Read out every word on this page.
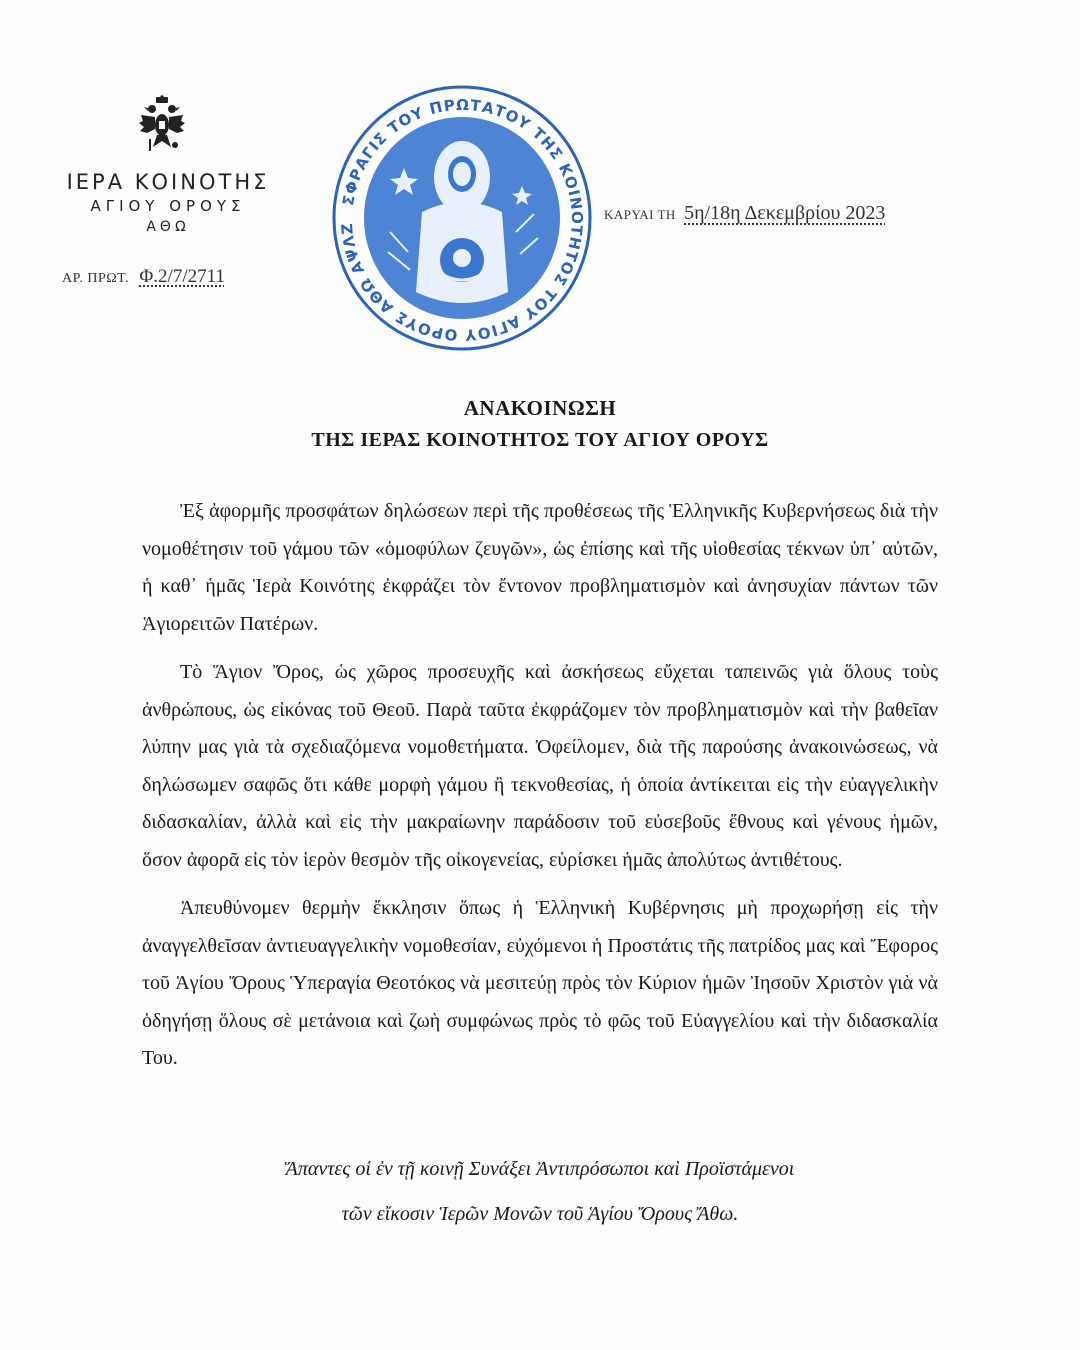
ΙΕΡΑ ΚΟΙΝΟΤΗΣ
ΑΓΙΟΥ ΟΡΟΥΣ
ΑΘΩ
ΑΡ. ΠΡΩΤ. Φ.2/7/2711
ΣΦΡΑΓΙΣ ΤΟΥ ΠΡΩΤΑΤΟΥ ΤΗΣ ΚΟΙΝΟΤΗΤΟΣ ΤΟΥ ΑΓΙΟΥ ΟΡΟΥΣ ΑΘΩ ΑΨΛΖ
ΚΑΡΥΑΙ ΤΗ 5η/18η Δεκεμβρίου 2023
ΑΝΑΚΟΙΝΩΣΗ
ΤΗΣ ΙΕΡΑΣ ΚΟΙΝΟΤΗΤΟΣ ΤΟΥ ΑΓΙΟΥ ΟΡΟΥΣ

Ἐξ ἀφορμῆς προσφάτων δηλώσεων περὶ τῆς προθέσεως τῆς Ἑλληνικῆς Κυβερνήσεως διὰ τὴν νομοθέτησιν τοῦ γάμου τῶν «ὁμοφύλων ζευγῶν», ὡς ἐπίσης καὶ τῆς υἱοθεσίας τέκνων ὑπ᾽ αὐτῶν, ἡ καθ᾽ ἡμᾶς Ἱερὰ Κοινότης ἐκφράζει τὸν ἔντονον προβληματισμὸν καὶ ἀνησυχίαν πάντων τῶν Ἁγιορειτῶν Πατέρων.

Τὸ Ἅγιον Ὄρος, ὡς χῶρος προσευχῆς καὶ ἀσκήσεως εὔχεται ταπεινῶς γιὰ ὅλους τοὺς ἀνθρώπους, ὡς εἰκόνας τοῦ Θεοῦ. Παρὰ ταῦτα ἐκφράζομεν τὸν προβληματισμὸν καὶ τὴν βαθεῖαν λύπην μας γιὰ τὰ σχεδιαζόμενα νομοθετήματα. Ὀφείλομεν, διὰ τῆς παρούσης ἀνακοινώσεως, νὰ δηλώσωμεν σαφῶς ὅτι κάθε μορφὴ γάμου ἢ τεκνοθεσίας, ἡ ὁποία ἀντίκειται εἰς τὴν εὐαγγελικὴν διδασκαλίαν, ἀλλὰ καὶ εἰς τὴν μακραίωνην παράδοσιν τοῦ εὐσεβοῦς ἔθνους καὶ γένους ἡμῶν, ὅσον ἀφορᾶ εἰς τὸν ἱερὸν θεσμὸν τῆς οἰκογενείας, εὑρίσκει ἡμᾶς ἀπολύτως ἀντιθέτους.

Ἀπευθύνομεν θερμὴν ἔκκλησιν ὅπως ἡ Ἑλληνικὴ Κυβέρνησις μὴ προχωρήσῃ εἰς τὴν ἀναγγελθεῖσαν ἀντιευαγγελικὴν νομοθεσίαν, εὐχόμενοι ἡ Προστάτις τῆς πατρίδος μας καὶ Ἔφορος τοῦ Ἁγίου Ὄρους Ὑπεραγία Θεοτόκος νὰ μεσιτεύῃ πρὸς τὸν Κύριον ἡμῶν Ἰησοῦν Χριστὸν γιὰ νὰ ὁδηγήσῃ ὅλους σὲ μετάνοια καὶ ζωὴ συμφώνως πρὸς τὸ φῶς τοῦ Εὐαγγελίου καὶ τὴν διδασκαλία Του.

Ἅπαντες οἱ ἐν τῇ κοινῇ Συνάξει Ἀντιπρόσωποι καὶ Προϊστάμενοι
τῶν εἴκοσιν Ἱερῶν Μονῶν τοῦ Ἁγίου Ὄρους Ἄθω.
